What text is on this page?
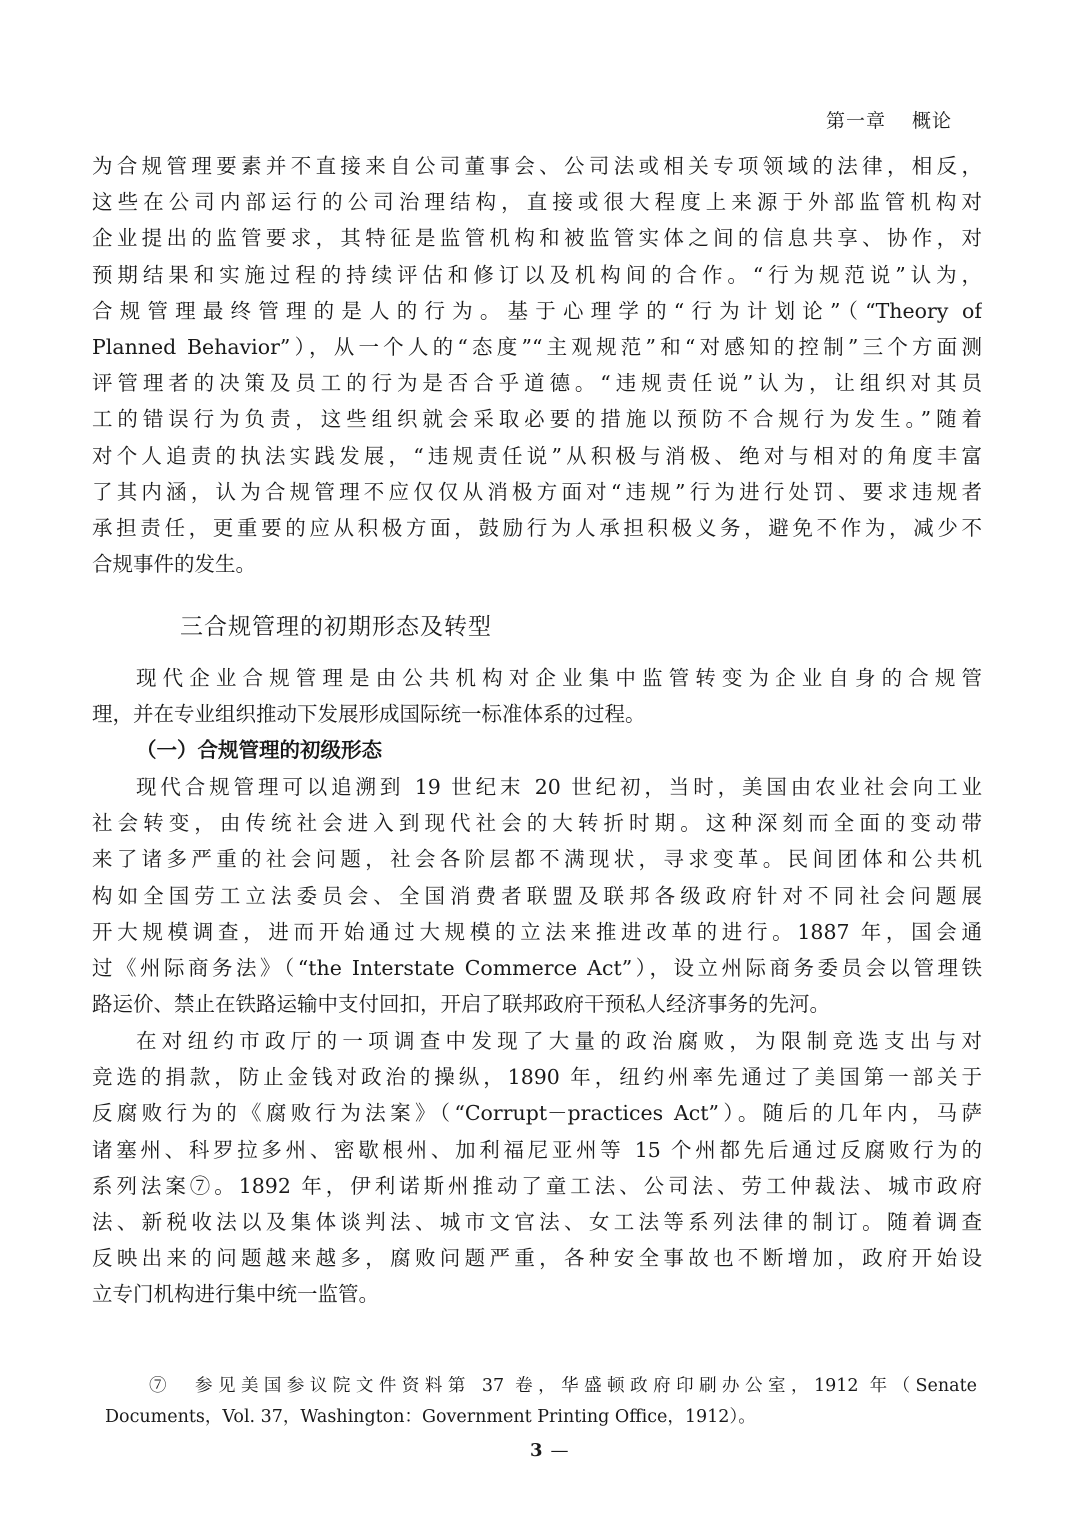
第一章 概论
为合规管理要素并不直接来自公司董事会、公司法或相关专项领域的法律，相反，
这些在公司内部运行的公司治理结构，直接或很大程度上来源于外部监管机构对
企业提出的监管要求，其特征是监管机构和被监管实体之间的信息共享、协作，对
预期结果和实施过程的持续评估和修订以及机构间的合作。“行为规范说”认为，
合规管理最终管理的是人的行为。基于心理学的“行为计划论”（“Theory of
Planned Behavior”），从一个人的“态度”“主观规范”和“对感知的控制”三个方面测
评管理者的决策及员工的行为是否合乎道德。“违规责任说”认为，让组织对其员
工的错误行为负责，这些组织就会采取必要的措施以预防不合规行为发生。”随着
对个人追责的执法实践发展，“违规责任说”从积极与消极、绝对与相对的角度丰富
了其内涵，认为合规管理不应仅仅从消极方面对“违规”行为进行处罚、要求违规者
承担责任，更重要的应从积极方面，鼓励行为人承担积极义务，避免不作为，减少不
合规事件的发生。
三合规管理的初期形态及转型
现代企业合规管理是由公共机构对企业集中监管转变为企业自身的合规管
理，并在专业组织推动下发展形成国际统一标准体系的过程。
（一）合规管理的初级形态
现代合规管理可以追溯到 19 世纪末 20 世纪初，当时，美国由农业社会向工业
社会转变，由传统社会进入到现代社会的大转折时期。这种深刻而全面的变动带
来了诸多严重的社会问题，社会各阶层都不满现状，寻求变革。民间团体和公共机
构如全国劳工立法委员会、全国消费者联盟及联邦各级政府针对不同社会问题展
开大规模调查，进而开始通过大规模的立法来推进改革的进行。1887 年，国会通
过《州际商务法》（“the Interstate Commerce Act”），设立州际商务委员会以管理铁
路运价、禁止在铁路运输中支付回扣，开启了联邦政府干预私人经济事务的先河。
在对纽约市政厅的一项调查中发现了大量的政治腐败，为限制竞选支出与对
竞选的捐款，防止金钱对政治的操纵，1890 年，纽约州率先通过了美国第一部关于
反腐败行为的《腐败行为法案》（“Corrupt－practices Act”）。随后的几年内，马萨
诸塞州、科罗拉多州、密歇根州、加利福尼亚州等 15 个州都先后通过反腐败行为的
系列法案⑦。1892 年，伊利诺斯州推动了童工法、公司法、劳工仲裁法、城市政府
法、新税收法以及集体谈判法、城市文官法、女工法等系列法律的制订。随着调查
反映出来的问题越来越多，腐败问题严重，各种安全事故也不断增加，政府开始设
立专门机构进行集中统一监管。
⑦　参见美国参议院文件资料第 37 卷，华盛顿政府印刷办公室，1912 年（Senate
Documents，Vol. 37，Washington：Government Printing Office，1912）。
3 —
